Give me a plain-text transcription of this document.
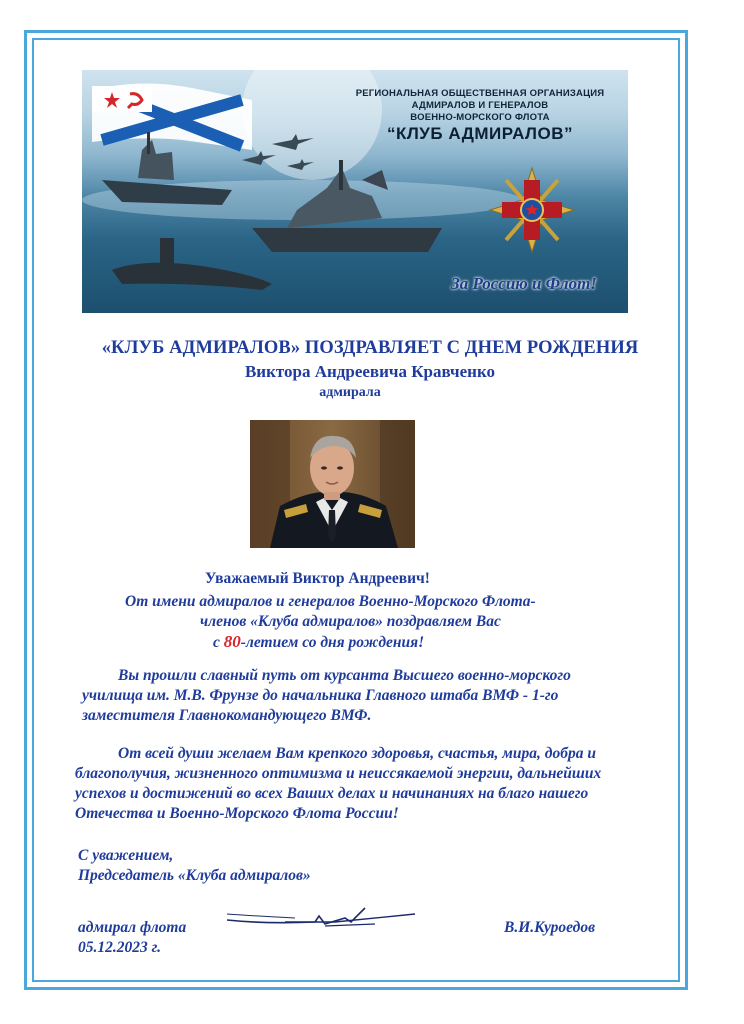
РЕГИОНАЛЬНАЯ ОБЩЕСТВЕННАЯ ОРГАНИЗАЦИЯ
АДМИРАЛОВ И ГЕНЕРАЛОВ
ВОЕННО-МОРСКОГО ФЛОТА
“КЛУБ АДМИРАЛОВ”
За Россию и Флот!
«КЛУБ АДМИРАЛОВ» ПОЗДРАВЛЯЕТ С ДНЕМ РОЖДЕНИЯ
Виктора Андреевича Кравченко
адмирала
Уважаемый Виктор Андреевич!
От имени адмиралов и генералов Военно-Морского Флота-
членов «Клуба адмиралов» поздравляем Вас
с 80-летием со дня рождения!
Вы прошли славный путь от курсанта Высшего военно-морского
училища им. М.В. Фрунзе до начальника Главного штаба ВМФ - 1-го
заместителя Главнокомандующего ВМФ.
От всей души желаем Вам крепкого здоровья, счастья, мира, добра и
благополучия, жизненного оптимизма и неиссякаемой энергии, дальнейших
успехов и достижений во всех Ваших делах и начинаниях на благо нашего
Отечества и Военно-Морского Флота России!
С уважением,
Председатель «Клуба адмиралов»
адмирал флота
05.12.2023 г.
В.И.Куроедов
